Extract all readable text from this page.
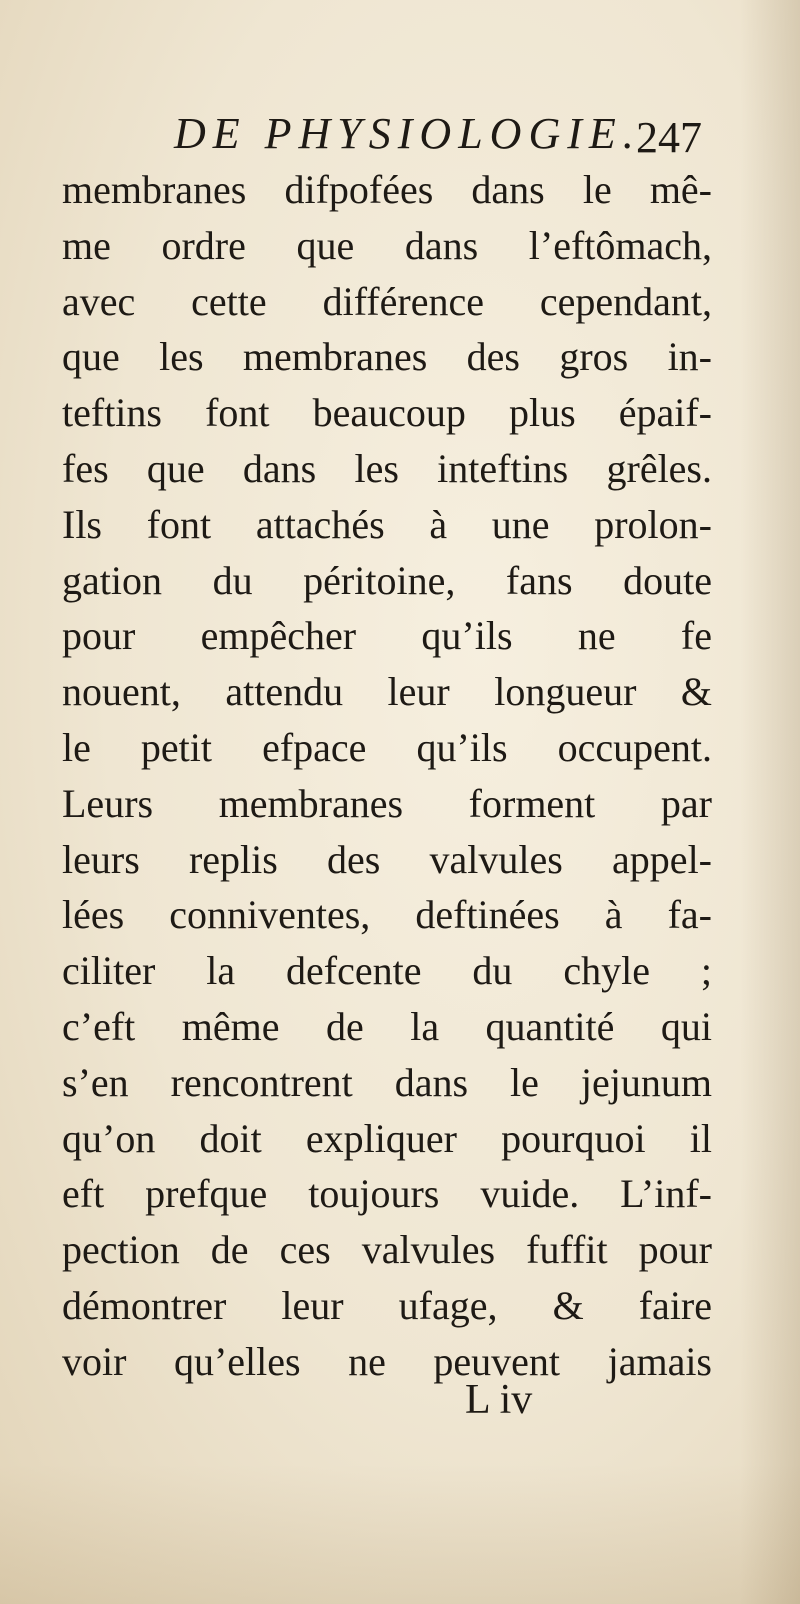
DE PHYSIOLOGIE.
247
membranes difpofées dans le mê-
me ordre que dans l’eftômach,
avec cette différence cependant,
que les membranes des gros in-
teftins font beaucoup plus épaif-
fes que dans les inteftins grêles.
Ils font attachés à une prolon-
gation du péritoine, fans doute
pour empêcher qu’ils ne fe
nouent, attendu leur longueur &
le petit efpace qu’ils occupent.
Leurs membranes forment par
leurs replis des valvules appel-
lées conniventes, deftinées à fa-
ciliter la defcente du chyle ;
c’eft même de la quantité qui
s’en rencontrent dans le jejunum
qu’on doit expliquer pourquoi il
eft prefque toujours vuide. L’inf-
pection de ces valvules fuffit pour
démontrer leur ufage, & faire
voir qu’elles ne peuvent jamais
L iv
